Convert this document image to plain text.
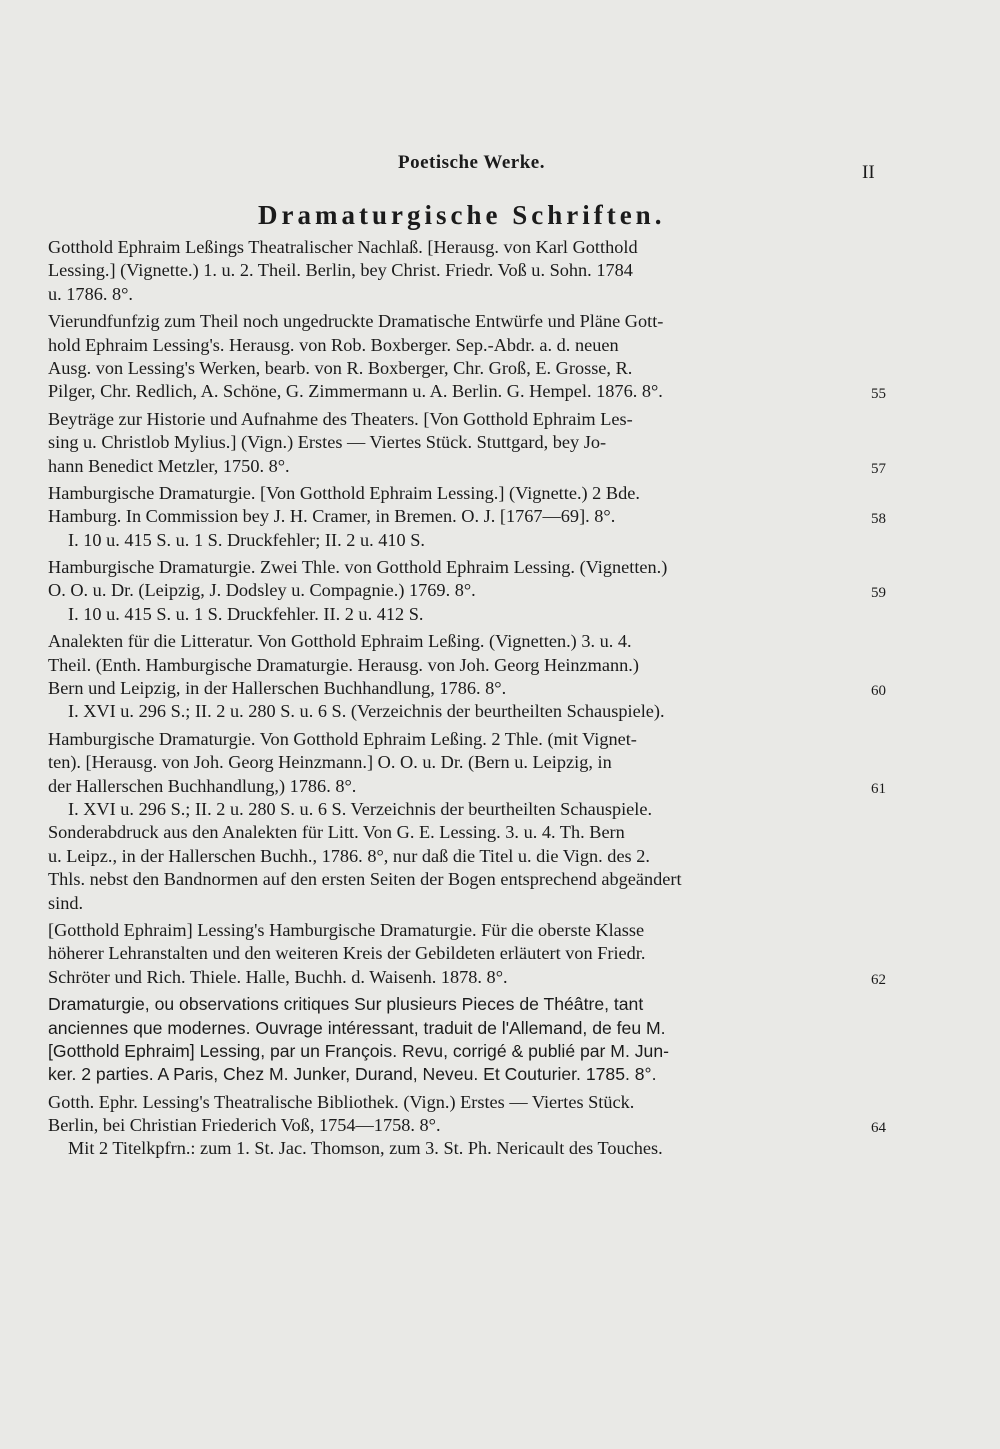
Poetische Werke.	II
Dramaturgische Schriften.
Gotthold Ephraim Leßings Theatralischer Nachlaß. [Herausg. von Karl Gotthold
Lessing.] (Vignette.) 1. u. 2. Theil. Berlin, bey Christ. Friedr. Voß u. Sohn. 1784
u. 1786. 8°.
Vierundfunfzig zum Theil noch ungedruckte Dramatische Entwürfe und Pläne Gott-
hold Ephraim Lessing's. Herausg. von Rob. Boxberger. Sep.-Abdr. a. d. neuen
Ausg. von Lessing's Werken, bearb. von R. Boxberger, Chr. Groß, E. Grosse, R.
Pilger, Chr. Redlich, A. Schöne, G. Zimmermann u. A. Berlin. G. Hempel. 1876. 8°.	55
Beyträge zur Historie und Aufnahme des Theaters. [Von Gotthold Ephraim Les-
sing u. Christlob Mylius.] (Vign.) Erstes — Viertes Stück. Stuttgard, bey Jo-
hann Benedict Metzler, 1750. 8°.	57
Hamburgische Dramaturgie. [Von Gotthold Ephraim Lessing.] (Vignette.) 2 Bde.
Hamburg. In Commission bey J. H. Cramer, in Bremen. O. J. [1767—69]. 8°.	58
I. 10 u. 415 S. u. 1 S. Druckfehler; II. 2 u. 410 S.
Hamburgische Dramaturgie. Zwei Thle. von Gotthold Ephraim Lessing. (Vignetten.)
O. O. u. Dr. (Leipzig, J. Dodsley u. Compagnie.) 1769. 8°.	59
I. 10 u. 415 S. u. 1 S. Druckfehler. II. 2 u. 412 S.
Analekten für die Litteratur. Von Gotthold Ephraim Leßing. (Vignetten.) 3. u. 4.
Theil. (Enth. Hamburgische Dramaturgie. Herausg. von Joh. Georg Heinzmann.)
Bern und Leipzig, in der Hallerschen Buchhandlung, 1786. 8°.	60
I. XVI u. 296 S.; II. 2 u. 280 S. u. 6 S. (Verzeichnis der beurtheilten Schauspiele).
Hamburgische Dramaturgie. Von Gotthold Ephraim Leßing. 2 Thle. (mit Vignet-
ten). [Herausg. von Joh. Georg Heinzmann.] O. O. u. Dr. (Bern u. Leipzig, in
der Hallerschen Buchhandlung,) 1786. 8°.	61
I. XVI u. 296 S.; II. 2 u. 280 S. u. 6 S. Verzeichnis der beurtheilten Schauspiele.
Sonderabdruck aus den Analekten für Litt. Von G. E. Lessing. 3. u. 4. Th. Bern
u. Leipz., in der Hallerschen Buchh., 1786. 8°, nur daß die Titel u. die Vign. des 2.
Thls. nebst den Bandnormen auf den ersten Seiten der Bogen entsprechend abgeändert
sind.
[Gotthold Ephraim] Lessing's Hamburgische Dramaturgie. Für die oberste Klasse
höherer Lehranstalten und den weiteren Kreis der Gebildeten erläutert von Friedr.
Schröter und Rich. Thiele. Halle, Buchh. d. Waisenh. 1878. 8°.	62
Dramaturgie, ou observations critiques Sur plusieurs Pieces de Théâtre, tant
anciennes que modernes. Ouvrage intéressant, traduit de l'Allemand, de feu M.
[Gotthold Ephraim] Lessing, par un François. Revu, corrigé & publié par M. Jun-
ker. 2 parties. A Paris, Chez M. Junker, Durand, Neveu. Et Couturier. 1785. 8°.
Gotth. Ephr. Lessing's Theatralische Bibliothek. (Vign.) Erstes — Viertes Stück.
Berlin, bei Christian Friederich Voß, 1754—1758. 8°.	64
Mit 2 Titelkpfrn.: zum 1. St. Jac. Thomson, zum 3. St. Ph. Nericault des Touches.
